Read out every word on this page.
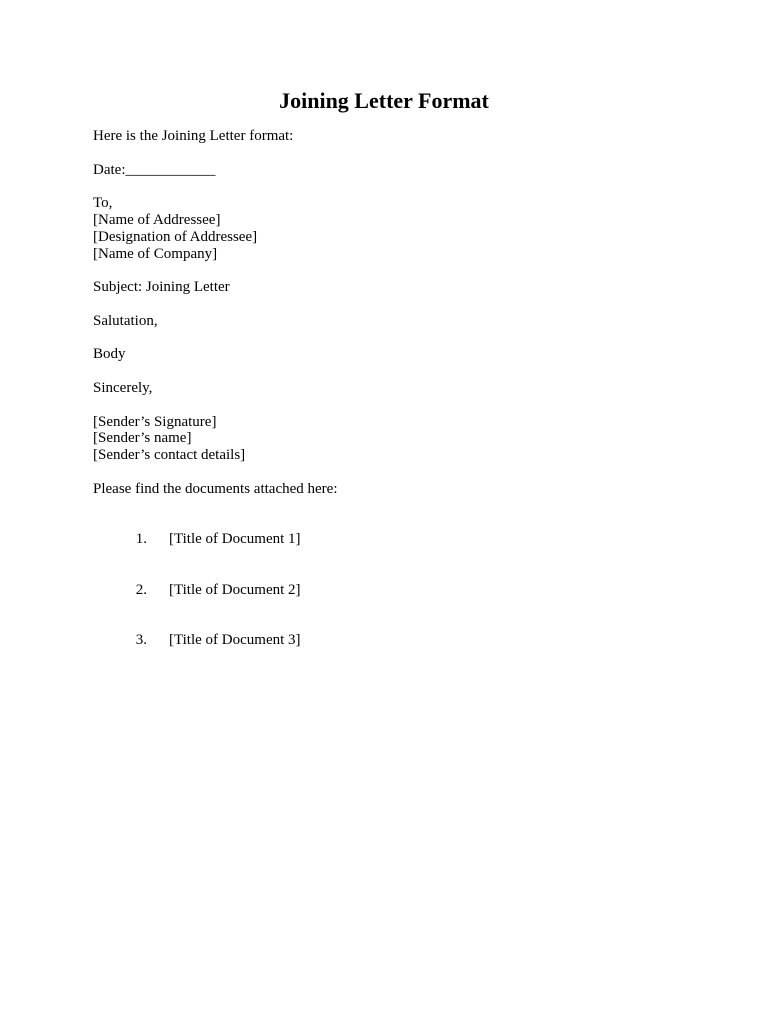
Joining Letter Format
Here is the Joining Letter format:
Date:____________
To,
[Name of Addressee]
[Designation of Addressee]
[Name of Company]
Subject: Joining Letter
Salutation,
Body
Sincerely,
[Sender’s Signature]
[Sender’s name]
[Sender’s contact details]
Please find the documents attached here:

1. [Title of Document 1]

2. [Title of Document 2]

3. [Title of Document 3]
